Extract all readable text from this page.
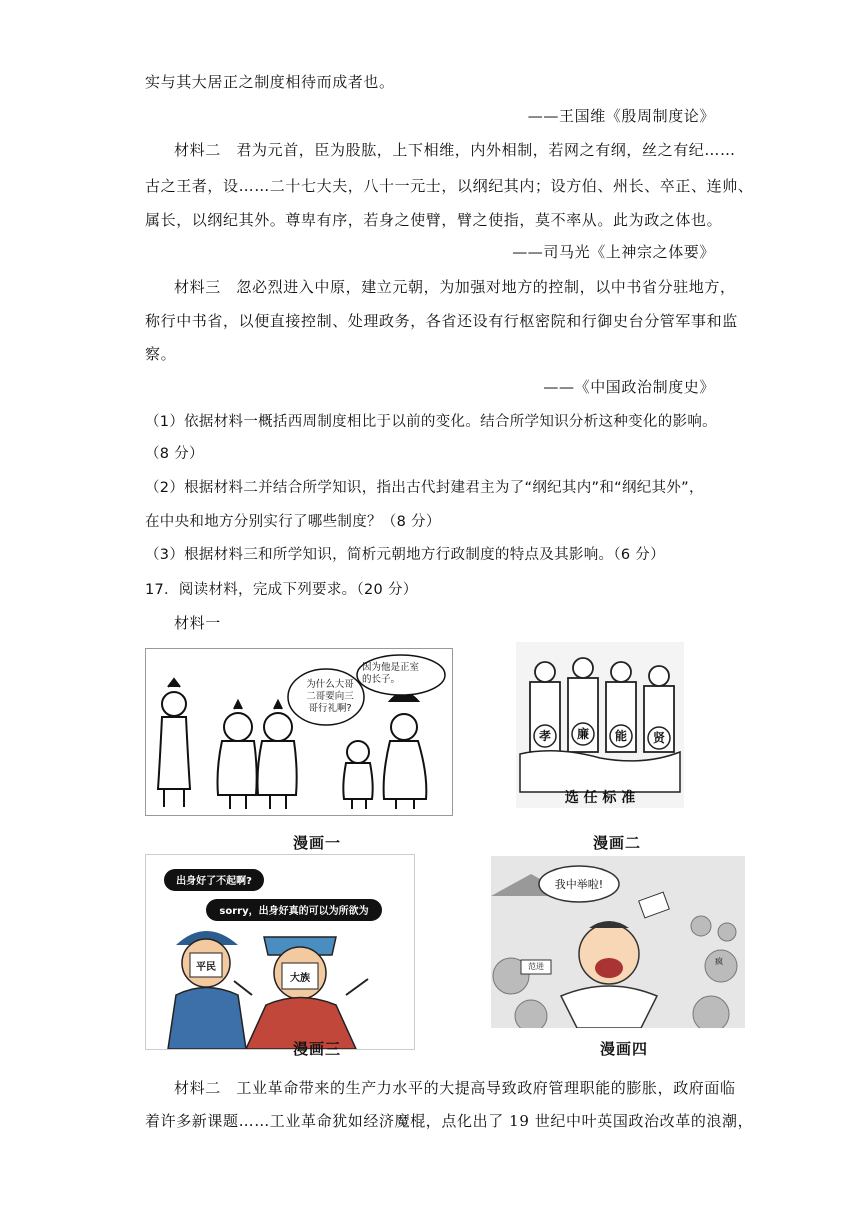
实与其大居正之制度相待而成者也。
——王国维《殷周制度论》
材料二　君为元首，臣为股肱，上下相维，内外相制，若网之有纲，丝之有纪……
古之王者，设……二十七大夫，八十一元士，以纲纪其内；设方伯、州长、卒正、连帅、
属长，以纲纪其外。尊卑有序，若身之使臂，臂之使指，莫不率从。此为政之体也。
——司马光《上神宗之体要》
材料三　忽必烈进入中原，建立元朝，为加强对地方的控制，以中书省分驻地方，
称行中书省，以便直接控制、处理政务，各省还设有行枢密院和行御史台分管军事和监
察。
——《中国政治制度史》
（1）依据材料一概括西周制度相比于以前的变化。结合所学知识分析这种变化的影响。
（8 分）
（2）根据材料二并结合所学知识，指出古代封建君主为了“纲纪其内”和“纲纪其外”，
在中央和地方分别实行了哪些制度？（8 分）
（3）根据材料三和所学知识，简析元朝地方行政制度的特点及其影响。（6 分）
17．阅读材料，完成下列要求。（20 分）
材料一
为什么大哥
二哥要向三
哥行礼啊?
因为他是正室
的长子。
漫画一
孝 廉 能 贤
选 任 标 准
漫画二
出身好了不起啊?
sorry，出身好真的可以为所欲为
平民
大族
漫画三
我中举啦!
范进
疯
漫画四
材料二　工业革命带来的生产力水平的大提高导致政府管理职能的膨胀，政府面临
着许多新课题……工业革命犹如经济魔棍，点化出了 19 世纪中叶英国政治改革的浪潮，
